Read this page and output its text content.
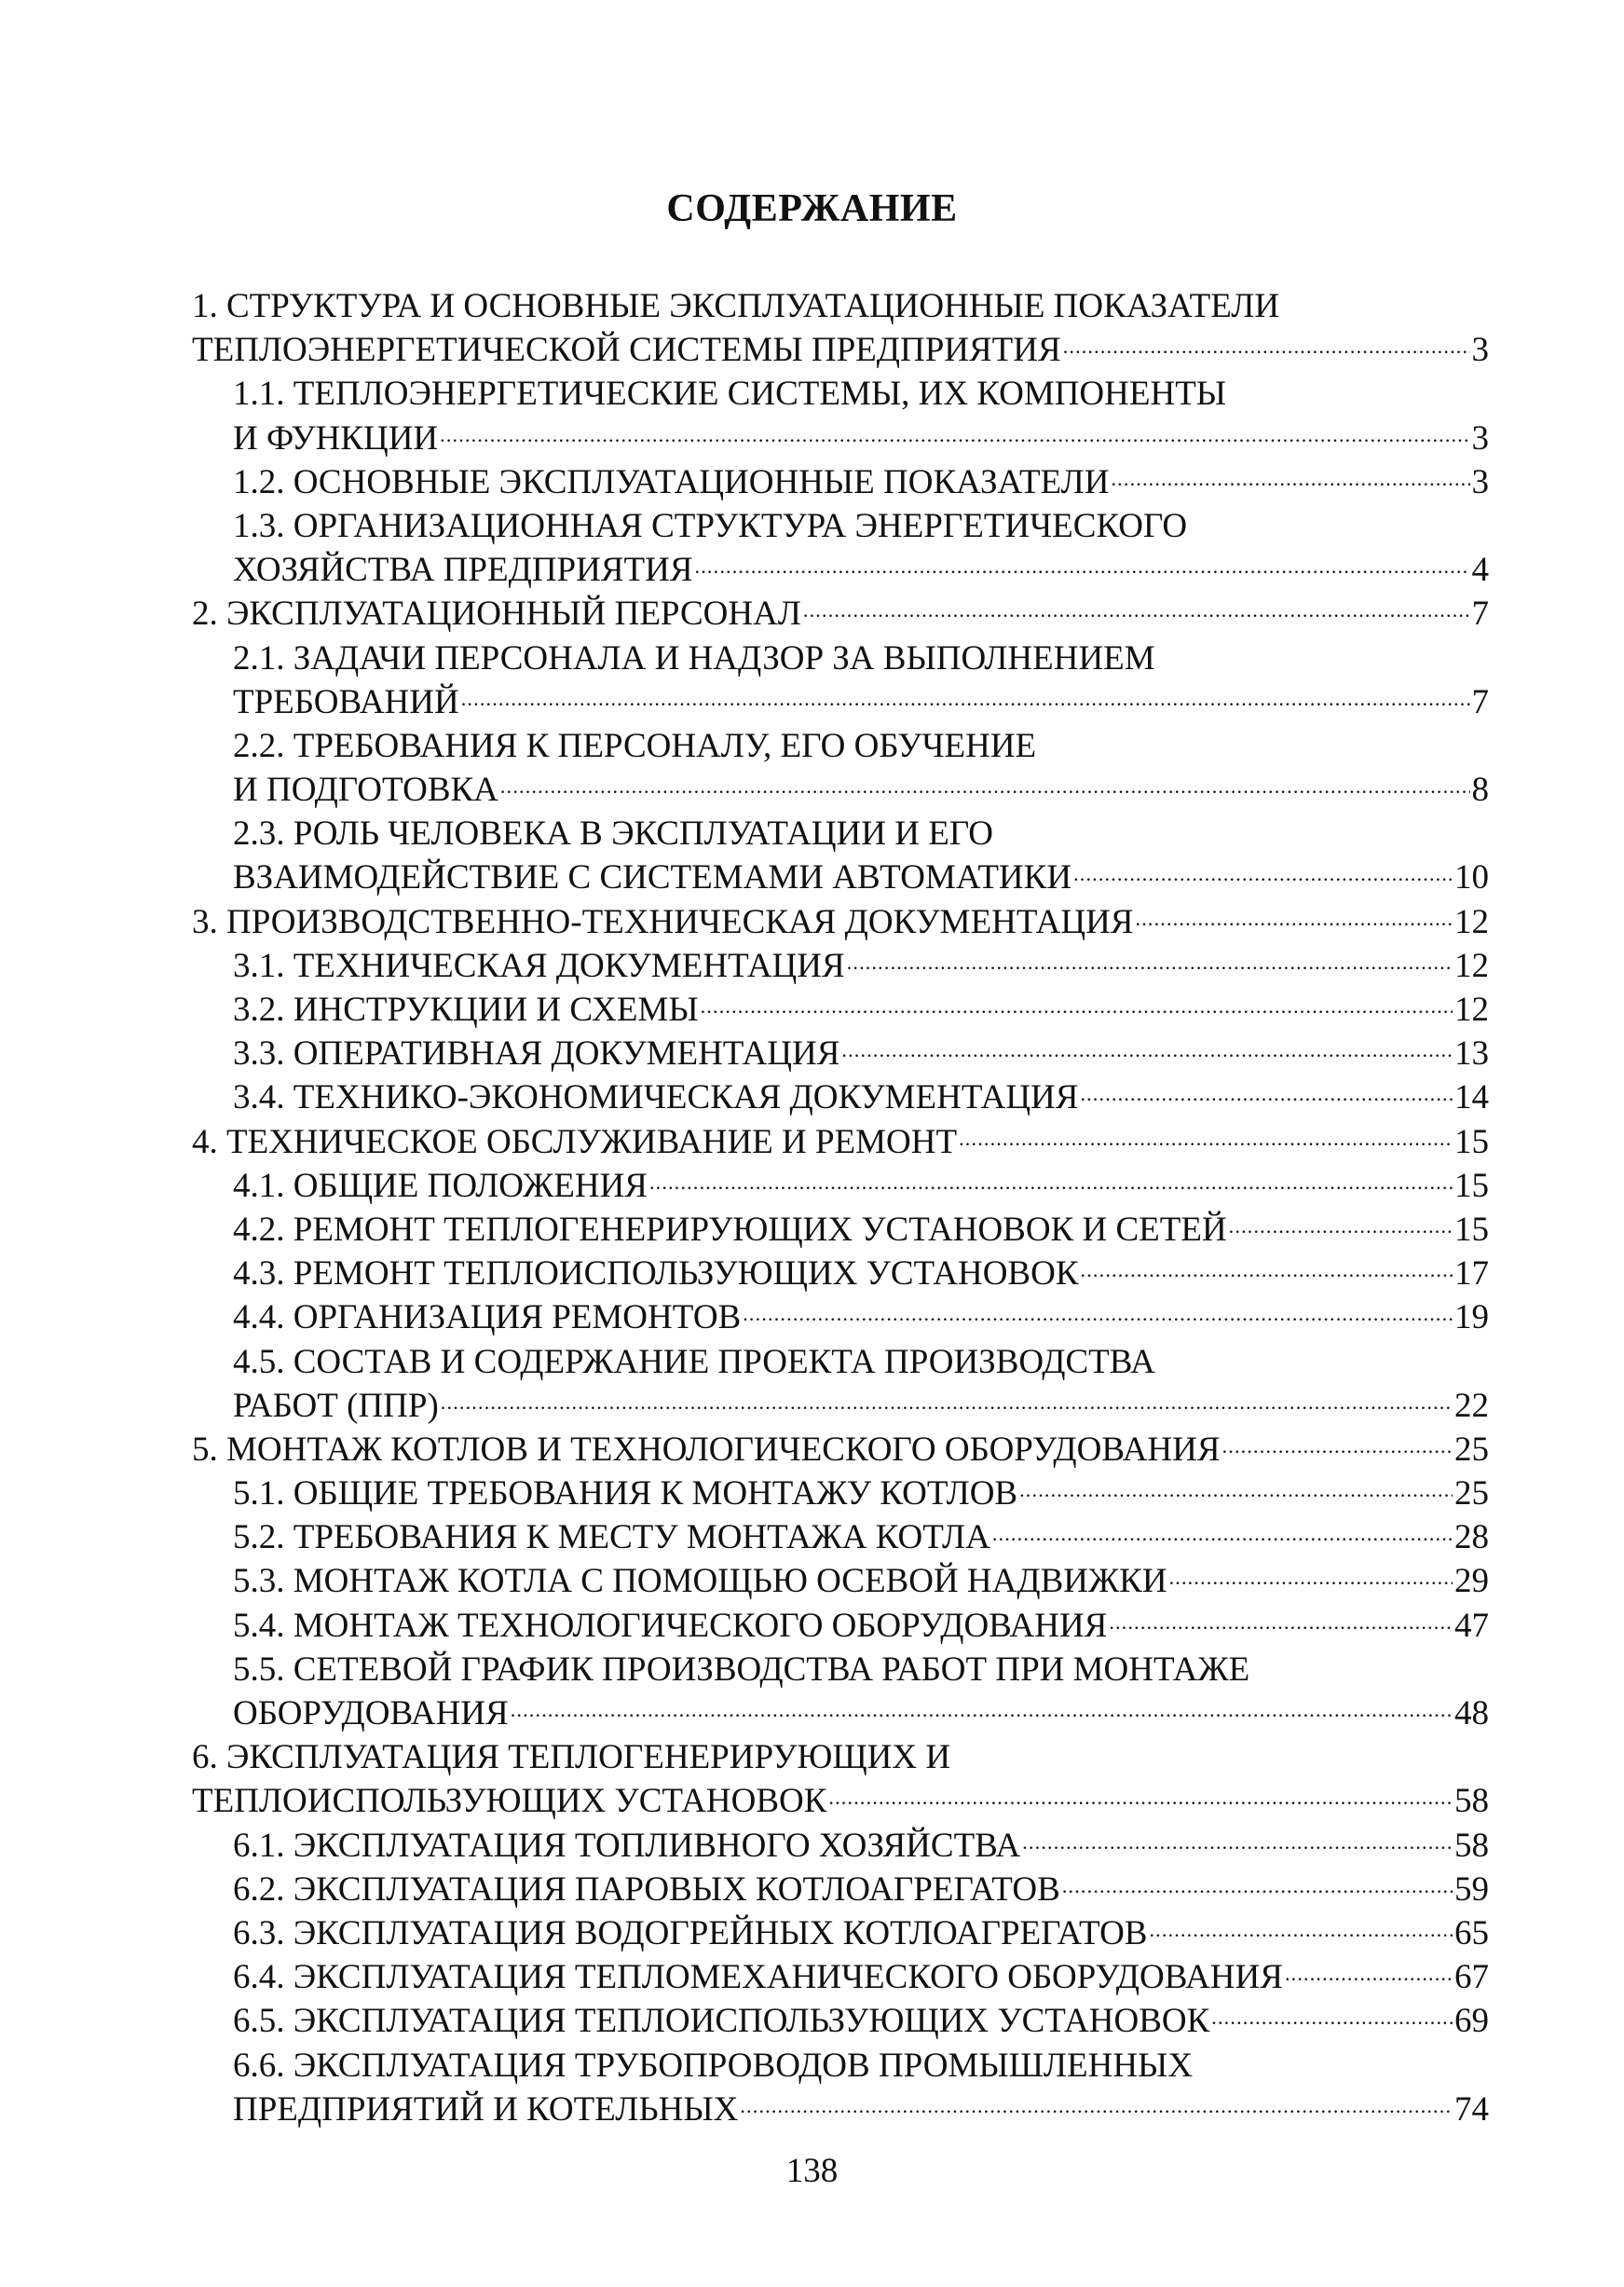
СОДЕРЖАНИЕ
1. СТРУКТУРА И ОСНОВНЫЕ ЭКСПЛУАТАЦИОННЫЕ ПОКАЗАТЕЛИ
ТЕПЛОЭНЕРГЕТИЧЕСКОЙ СИСТЕМЫ ПРЕДПРИЯТИЯ .....	3
1.1. ТЕПЛОЭНЕРГЕТИЧЕСКИЕ СИСТЕМЫ, ИХ КОМПОНЕНТЫ
И ФУНКЦИИ .....	3
1.2. ОСНОВНЫЕ ЭКСПЛУАТАЦИОННЫЕ ПОКАЗАТЕЛИ .....	3
1.3. ОРГАНИЗАЦИОННАЯ СТРУКТУРА ЭНЕРГЕТИЧЕСКОГО
ХОЗЯЙСТВА ПРЕДПРИЯТИЯ .....	4
2. ЭКСПЛУАТАЦИОННЫЙ ПЕРСОНАЛ .....	7
2.1. ЗАДАЧИ ПЕРСОНАЛА И НАДЗОР ЗА ВЫПОЛНЕНИЕМ
ТРЕБОВАНИЙ .....	7
2.2. ТРЕБОВАНИЯ К ПЕРСОНАЛУ, ЕГО ОБУЧЕНИЕ
И ПОДГОТОВКА .....	8
2.3. РОЛЬ ЧЕЛОВЕКА В ЭКСПЛУАТАЦИИ И ЕГО
ВЗАИМОДЕЙСТВИЕ С СИСТЕМАМИ АВТОМАТИКИ .....	10
3. ПРОИЗВОДСТВЕННО-ТЕХНИЧЕСКАЯ ДОКУМЕНТАЦИЯ .....	12
3.1. ТЕХНИЧЕСКАЯ ДОКУМЕНТАЦИЯ .....	12
3.2. ИНСТРУКЦИИ И СХЕМЫ .....	12
3.3. ОПЕРАТИВНАЯ ДОКУМЕНТАЦИЯ .....	13
3.4. ТЕХНИКО-ЭКОНОМИЧЕСКАЯ ДОКУМЕНТАЦИЯ .....	14
4. ТЕХНИЧЕСКОЕ ОБСЛУЖИВАНИЕ И РЕМОНТ .....	15
4.1. ОБЩИЕ ПОЛОЖЕНИЯ .....	15
4.2. РЕМОНТ ТЕПЛОГЕНЕРИРУЮЩИХ УСТАНОВОК И СЕТЕЙ .....	15
4.3. РЕМОНТ ТЕПЛОИСПОЛЬЗУЮЩИХ УСТАНОВОК .....	17
4.4. ОРГАНИЗАЦИЯ РЕМОНТОВ .....	19
4.5. СОСТАВ И СОДЕРЖАНИЕ ПРОЕКТА ПРОИЗВОДСТВА
РАБОТ (ППР) .....	22
5. МОНТАЖ КОТЛОВ И ТЕХНОЛОГИЧЕСКОГО ОБОРУДОВАНИЯ .....	25
5.1. ОБЩИЕ ТРЕБОВАНИЯ К МОНТАЖУ КОТЛОВ .....	25
5.2. ТРЕБОВАНИЯ К МЕСТУ МОНТАЖА КОТЛА .....	28
5.3. МОНТАЖ КОТЛА С ПОМОЩЬЮ ОСЕВОЙ НАДВИЖКИ .....	29
5.4. МОНТАЖ ТЕХНОЛОГИЧЕСКОГО ОБОРУДОВАНИЯ .....	47
5.5. СЕТЕВОЙ ГРАФИК ПРОИЗВОДСТВА РАБОТ ПРИ МОНТАЖЕ
ОБОРУДОВАНИЯ .....	48
6. ЭКСПЛУАТАЦИЯ ТЕПЛОГЕНЕРИРУЮЩИХ И
ТЕПЛОИСПОЛЬЗУЮЩИХ УСТАНОВОК .....	58
6.1. ЭКСПЛУАТАЦИЯ ТОПЛИВНОГО ХОЗЯЙСТВА .....	58
6.2. ЭКСПЛУАТАЦИЯ ПАРОВЫХ КОТЛОАГРЕГАТОВ .....	59
6.3. ЭКСПЛУАТАЦИЯ ВОДОГРЕЙНЫХ КОТЛОАГРЕГАТОВ .....	65
6.4. ЭКСПЛУАТАЦИЯ ТЕПЛОМЕХАНИЧЕСКОГО ОБОРУДОВАНИЯ .....	67
6.5. ЭКСПЛУАТАЦИЯ ТЕПЛОИСПОЛЬЗУЮЩИХ УСТАНОВОК .....	69
6.6. ЭКСПЛУАТАЦИЯ ТРУБОПРОВОДОВ ПРОМЫШЛЕННЫХ
ПРЕДПРИЯТИЙ И КОТЕЛЬНЫХ .....	74
138
